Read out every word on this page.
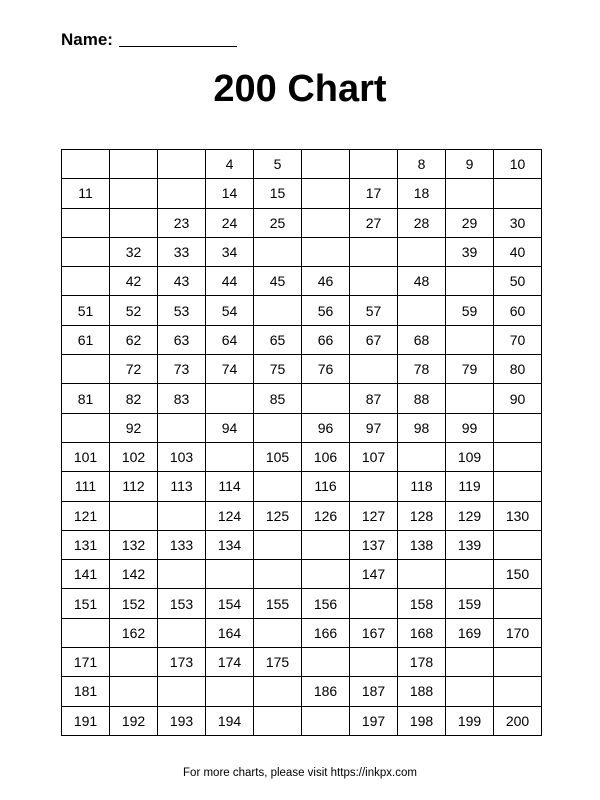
Name:
200 Chart
			4	5			8	9	10
11			14	15		17	18		
		23	24	25		27	28	29	30
	32	33	34					39	40
	42	43	44	45	46		48		50
51	52	53	54		56	57		59	60
61	62	63	64	65	66	67	68		70
	72	73	74	75	76		78	79	80
81	82	83		85		87	88		90
	92		94		96	97	98	99	
101	102	103		105	106	107		109	
111	112	113	114		116		118	119	
121			124	125	126	127	128	129	130
131	132	133	134			137	138	139	
141	142					147			150
151	152	153	154	155	156		158	159	
	162		164		166	167	168	169	170
171		173	174	175			178		
181					186	187	188		
191	192	193	194			197	198	199	200
For more charts, please visit https://inkpx.com
